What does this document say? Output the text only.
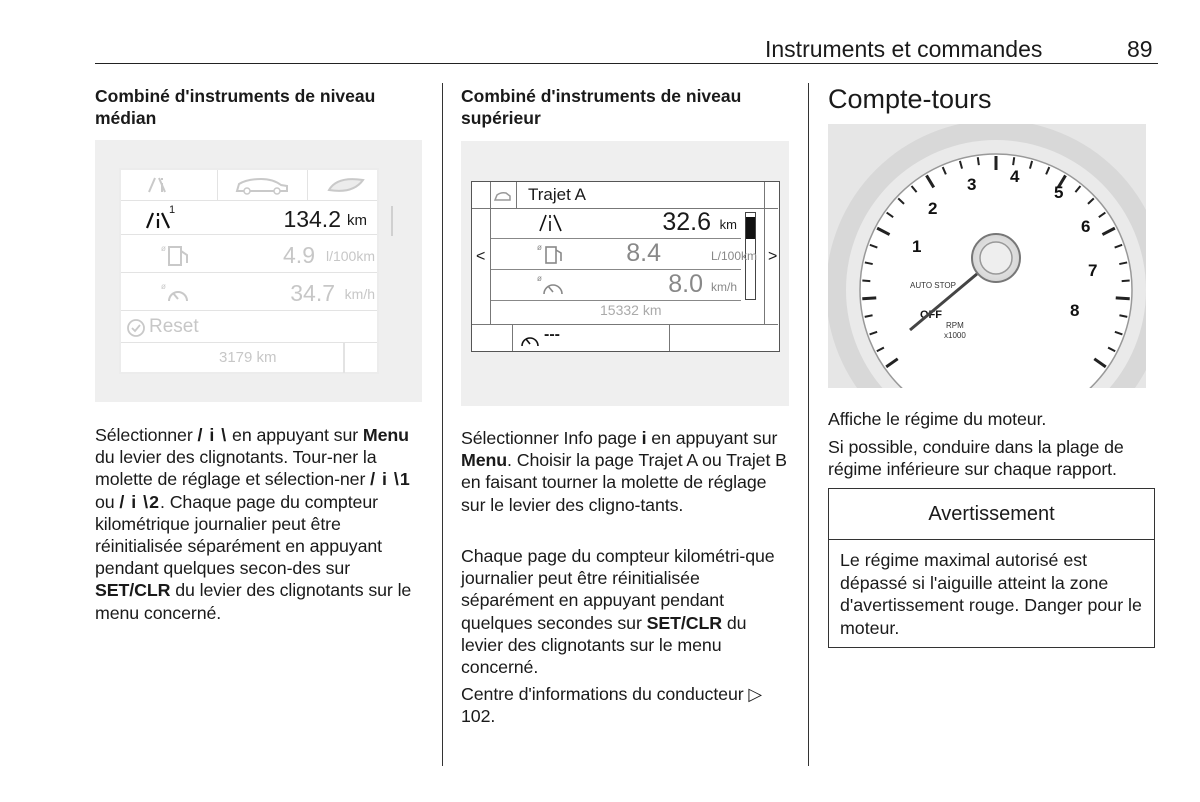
Instruments et commandes	89
Combiné d'instruments de niveau médian
1	134.2 km
ø	4.9 l/100km
ø	34.7 km/h
Reset
3179 km
Sélectionner / i \ en appuyant sur Menu du levier des clignotants. Tour-ner la molette de réglage et sélection-ner / i \1 ou / i \2. Chaque page du compteur kilométrique journalier peut être réinitialisée séparément en appuyant pendant quelques secon-des sur SET/CLR du levier des clignotants sur le menu concerné.
Combiné d'instruments de niveau supérieur
Trajet A
<	>
32.6 km
ø	8.4	L/100km
ø	8.0 km/h
15332 km
---
Sélectionner Info page i en appuyant sur Menu. Choisir la page Trajet A ou Trajet B en faisant tourner la molette de réglage sur le levier des cligno-tants.
Chaque page du compteur kilométri-que journalier peut être réinitialisée séparément en appuyant pendant quelques secondes sur SET/CLR du levier des clignotants sur le menu concerné.
Centre d'informations du conducteur ▷ 102.
Compte-tours
1
2
3 4
5
6
7
8
AUTO STOP
OFF
RPM
x1000
Affiche le régime du moteur.
Si possible, conduire dans la plage de régime inférieure sur chaque rapport.
Avertissement
Le régime maximal autorisé est dépassé si l'aiguille atteint la zone d'avertissement rouge. Danger pour le moteur.
